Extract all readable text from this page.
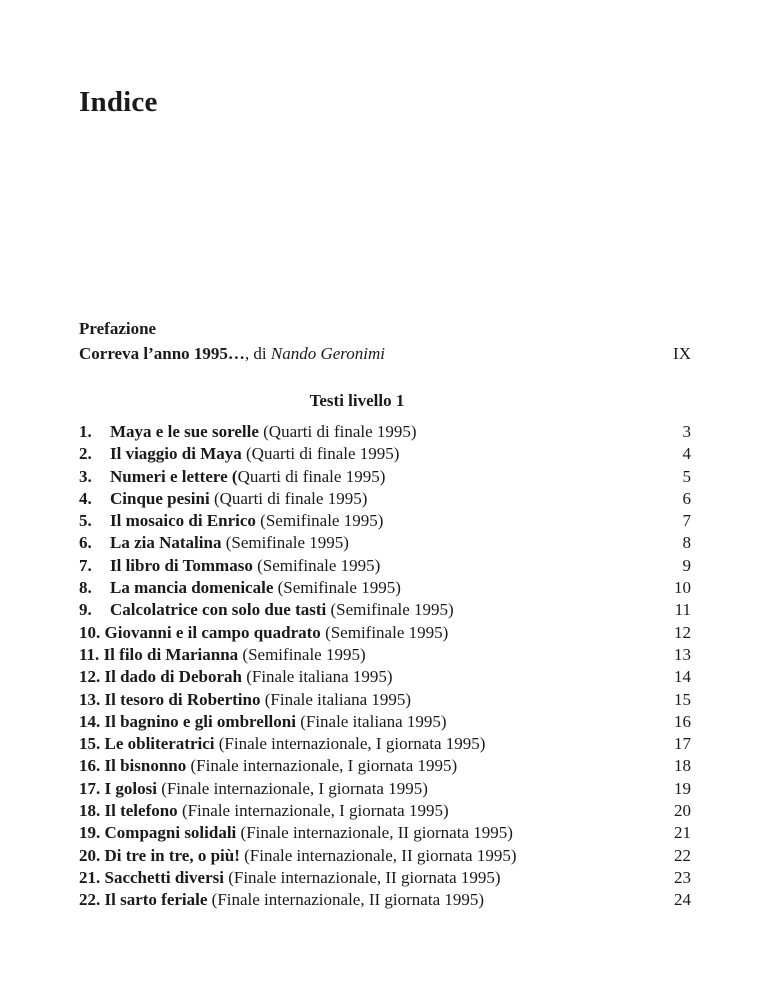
Indice
Prefazione
Correva l’anno 1995…, di Nando Geronimi	IX
Testi livello 1
1. Maya e le sue sorelle (Quarti di finale 1995)	3
2. Il viaggio di Maya (Quarti di finale 1995)	4
3. Numeri e lettere (Quarti di finale 1995)	5
4. Cinque pesini (Quarti di finale 1995)	6
5. Il mosaico di Enrico (Semifinale 1995)	7
6. La zia Natalina (Semifinale 1995)	8
7. Il libro di Tommaso (Semifinale 1995)	9
8. La mancia domenicale (Semifinale 1995)	10
9. Calcolatrice con solo due tasti (Semifinale 1995)	11
10. Giovanni e il campo quadrato (Semifinale 1995)	12
11. Il filo di Marianna (Semifinale 1995)	13
12. Il dado di Deborah (Finale italiana 1995)	14
13. Il tesoro di Robertino (Finale italiana 1995)	15
14. Il bagnino e gli ombrelloni (Finale italiana 1995)	16
15. Le obliteratrici (Finale internazionale, I giornata 1995)	17
16. Il bisnonno (Finale internazionale, I giornata 1995)	18
17. I golosi (Finale internazionale, I giornata 1995)	19
18. Il telefono (Finale internazionale, I giornata 1995)	20
19. Compagni solidali (Finale internazionale, II giornata 1995)	21
20. Di tre in tre, o più! (Finale internazionale, II giornata 1995)	22
21. Sacchetti diversi (Finale internazionale, II giornata 1995)	23
22. Il sarto feriale (Finale internazionale, II giornata 1995)	24
